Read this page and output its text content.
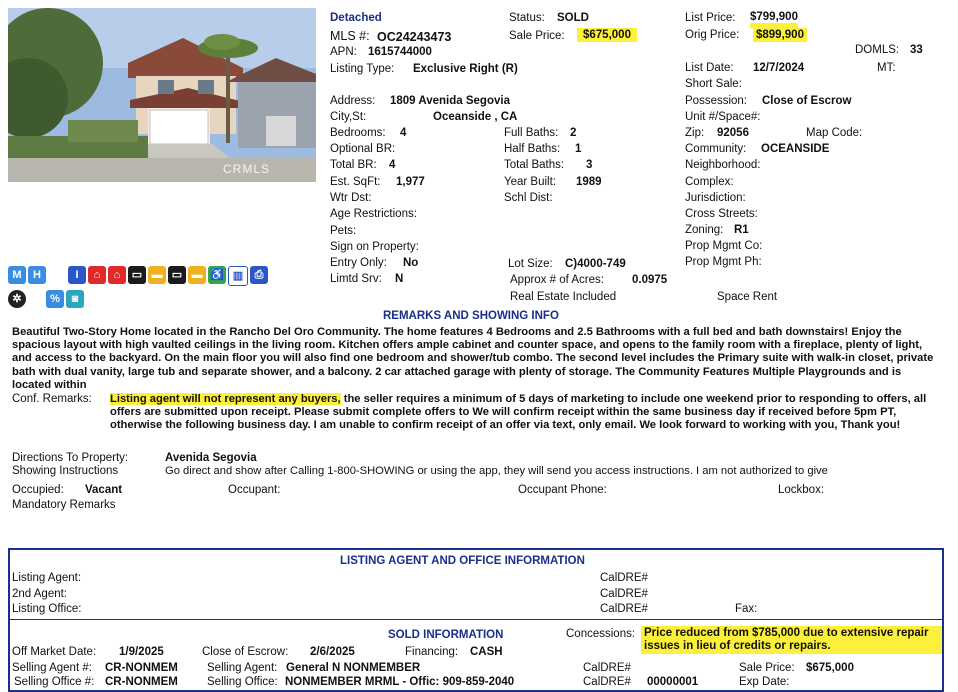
CRMLS
M	H	I	⌂	⌂	▭ ▬ ▭ ▬ ♿ ▥	⎙
✲	%	◙
Detached
MLS #: OC24243473
APN: 1615744000
Listing Type: Exclusive Right (R)
Status: SOLD
Sale Price:	$675,000
List Price: $799,900
Orig Price: $899,900
DOMLS: 33
List Date: 12/7/2024	MT:
Short Sale:
Address: 1809 Avenida Segovia
City,St:	Oceanside , CA
Bedrooms: 4
Optional BR:
Total BR: 4
Est. SqFt: 1,977
Wtr Dst:
Age Restrictions:
Pets:
Sign on Property:
Entry Only: No
Limtd Srv: N
Full Baths: 2
Half Baths: 1
Total Baths: 3
Year Built: 1989
Schl Dist:
Lot Size: C)4000-749
Approx # of Acres: 0.0975
Real Estate Included
Possession: Close of Escrow
Unit #/Space#:
Zip: 92056	Map Code:
Community: OCEANSIDE
Neighborhood:
Complex:
Jurisdiction:
Cross Streets:
Zoning: R1
Prop Mgmt Co:
Prop Mgmt Ph:
Space Rent
REMARKS AND SHOWING INFO
Beautiful Two-Story Home located in the Rancho Del Oro Community. The home features 4 Bedrooms and 2.5 Bathrooms with a full bed and bath downstairs! Enjoy the spacious layout with high vaulted ceilings in the living room. Kitchen offers ample cabinet and counter space, and opens to the family room with a fireplace, plenty of light, and access to the backyard. On the main floor you will also find one bedroom and shower/tub combo. The second level includes the Primary suite with walk-in closet, private bath with dual vanity, large tub and separate shower, and a balcony. 2 car attached garage with plenty of storage. The Community Features Multiple Playgrounds and is located within
Conf. Remarks: Listing agent will not represent any buyers, the seller requires a minimum of 5 days of marketing to include one weekend prior to responding to offers, all offers are submitted upon receipt. Please submit complete offers to We will confirm receipt within the same business day if received before 5pm PT, otherwise the following business day. I am unable to confirm receipt of an offer via text, only email. We look forward to working with you, Thank you!
Directions To Property:	Avenida Segovia
Showing Instructions	Go direct and show after Calling 1-800-SHOWING or using the app, they will send you access instructions. I am not authorized to give
Occupied: Vacant	Occupant:	Occupant Phone:	Lockbox:
Mandatory Remarks
LISTING AGENT AND OFFICE INFORMATION
Listing Agent:	CalDRE#
2nd Agent:	CalDRE#
Listing Office:	CalDRE#	Fax:
SOLD INFORMATION	Concessions: Price reduced from $785,000 due to extensive repair issues in lieu of credits or repairs.
Off Market Date: 1/9/2025	Close of Escrow: 2/6/2025	Financing: CASH
Selling Agent #: CR-NONMEM	Selling Agent: General N NONMEMBER	CalDRE#	Sale Price: $675,000
Selling Office #: CR-NONMEM	Selling Office: NONMEMBER MRML - Offic: 909-859-2040	CalDRE# 00000001	Exp Date:
